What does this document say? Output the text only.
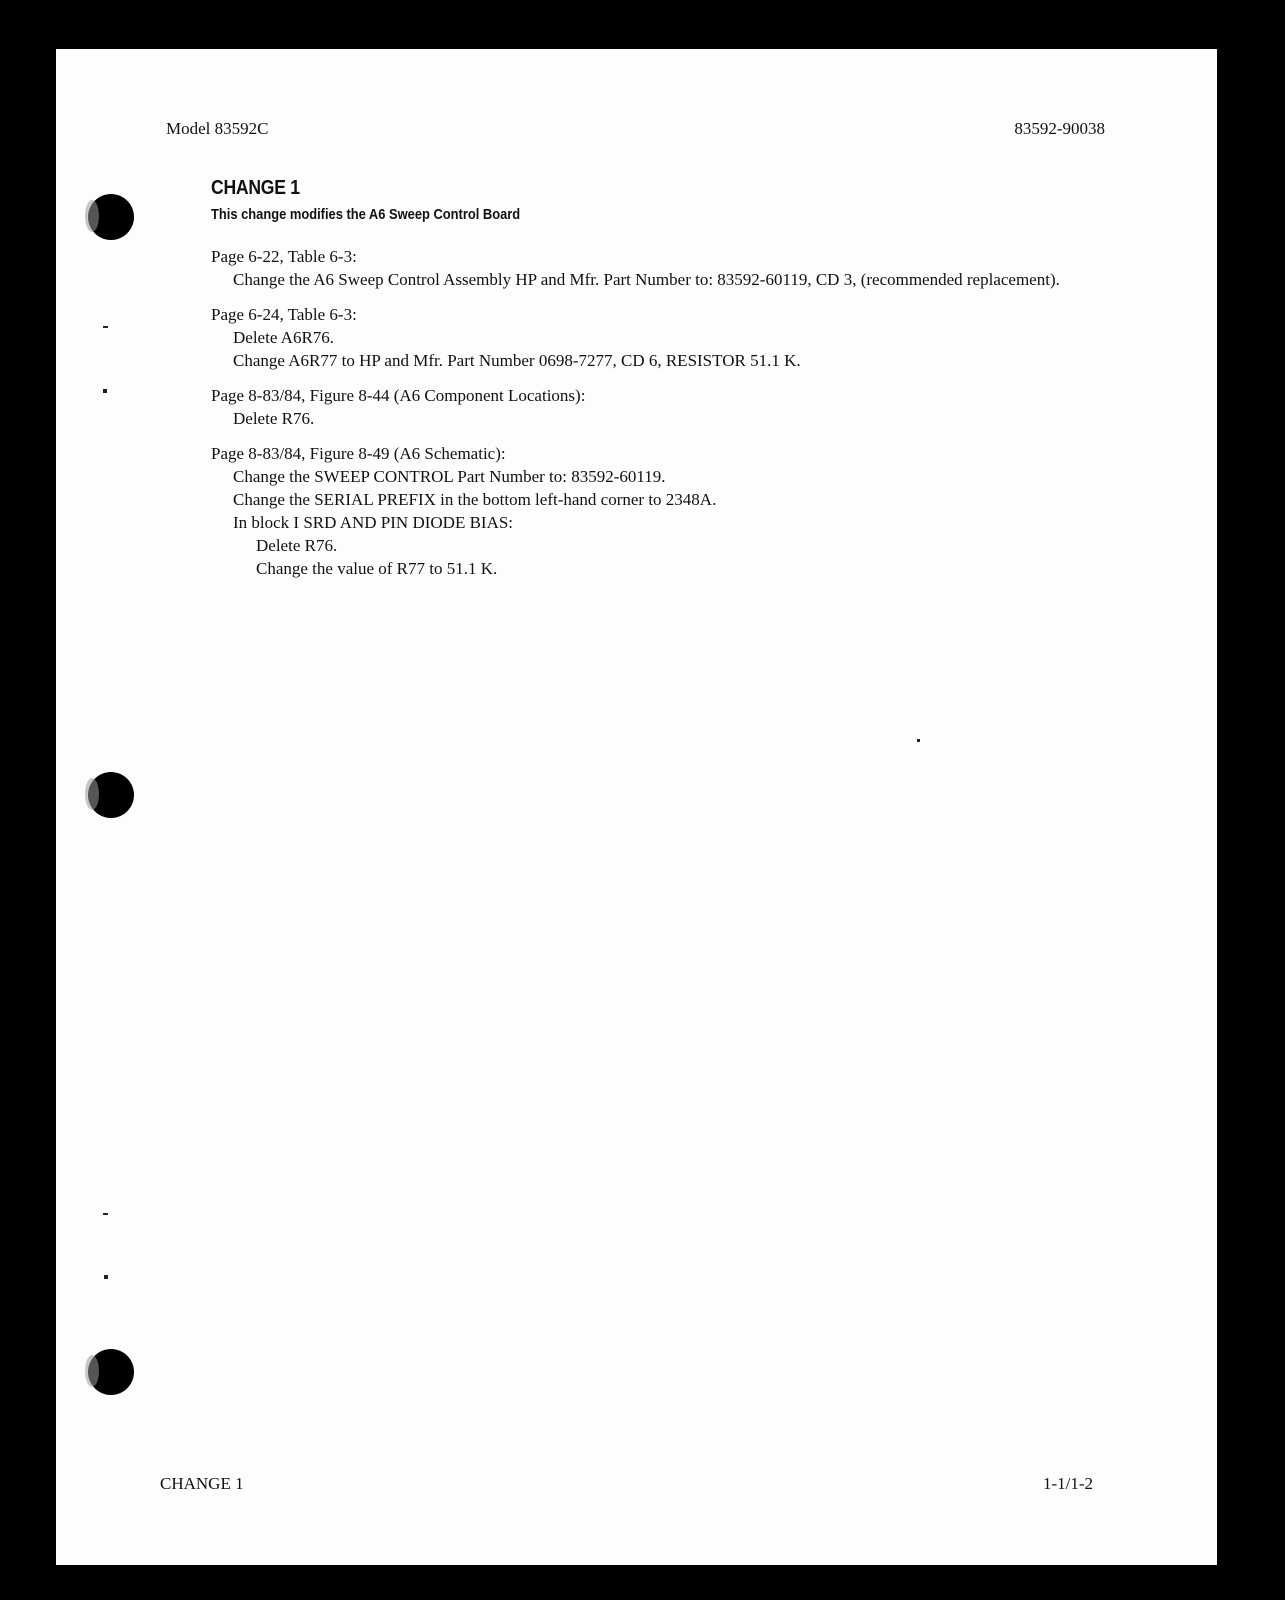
Model 83592C	83592-90038
CHANGE 1
This change modifies the A6 Sweep Control Board
Page 6-22, Table 6-3:
Change the A6 Sweep Control Assembly HP and Mfr. Part Number to: 83592-60119, CD 3, (recommended replacement).
Page 6-24, Table 6-3:
Delete A6R76.
Change A6R77 to HP and Mfr. Part Number 0698-7277, CD 6, RESISTOR 51.1 K.
Page 8-83/84, Figure 8-44 (A6 Component Locations):
Delete R76.
Page 8-83/84, Figure 8-49 (A6 Schematic):
Change the SWEEP CONTROL Part Number to: 83592-60119.
Change the SERIAL PREFIX in the bottom left-hand corner to 2348A.
In block I SRD AND PIN DIODE BIAS:
Delete R76.
Change the value of R77 to 51.1 K.
CHANGE 1	1-1/1-2
